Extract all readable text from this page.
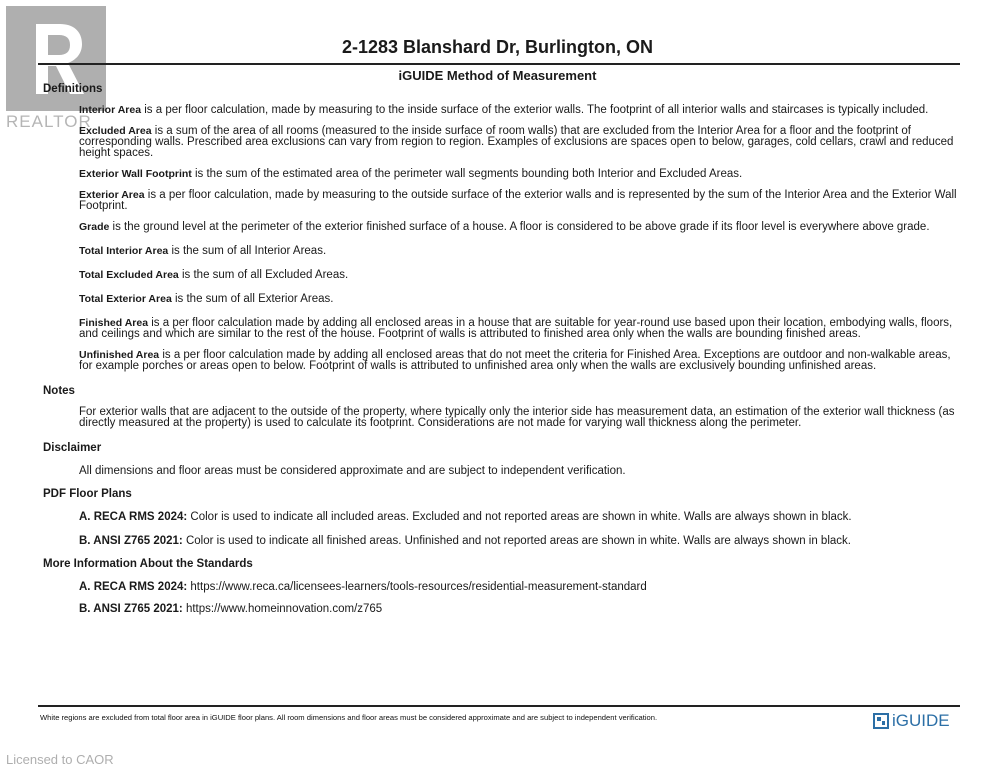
REALTOR
2-1283 Blanshard Dr, Burlington, ON
iGUIDE Method of Measurement
Definitions

Interior Area is a per floor calculation, made by measuring to the inside surface of the exterior walls. The footprint of all interior walls and staircases is typically included.

Excluded Area is a sum of the area of all rooms (measured to the inside surface of room walls) that are excluded from the Interior Area for a floor and the footprint of corresponding walls. Prescribed area exclusions can vary from region to region. Examples of exclusions are spaces open to below, garages, cold cellars, crawl and reduced height spaces.

Exterior Wall Footprint is the sum of the estimated area of the perimeter wall segments bounding both Interior and Excluded Areas.

Exterior Area is a per floor calculation, made by measuring to the outside surface of the exterior walls and is represented by the sum of the Interior Area and the Exterior Wall Footprint.

Grade is the ground level at the perimeter of the exterior finished surface of a house. A floor is considered to be above grade if its floor level is everywhere above grade.

Total Interior Area is the sum of all Interior Areas.

Total Excluded Area is the sum of all Excluded Areas.

Total Exterior Area is the sum of all Exterior Areas.

Finished Area is a per floor calculation made by adding all enclosed areas in a house that are suitable for year-round use based upon their location, embodying walls, floors, and ceilings and which are similar to the rest of the house. Footprint of walls is attributed to finished area only when the walls are bounding finished areas.

Unfinished Area is a per floor calculation made by adding all enclosed areas that do not meet the criteria for Finished Area. Exceptions are outdoor and non-walkable areas, for example porches or areas open to below. Footprint of walls is attributed to unfinished area only when the walls are exclusively bounding unfinished areas.

Notes

For exterior walls that are adjacent to the outside of the property, where typically only the interior side has measurement data, an estimation of the exterior wall thickness (as directly measured at the property) is used to calculate its footprint. Considerations are not made for varying wall thickness along the perimeter.

Disclaimer

All dimensions and floor areas must be considered approximate and are subject to independent verification.

PDF Floor Plans

A. RECA RMS 2024: Color is used to indicate all included areas. Excluded and not reported areas are shown in white. Walls are always shown in black.

B. ANSI Z765 2021: Color is used to indicate all finished areas. Unfinished and not reported areas are shown in white. Walls are always shown in black.

More Information About the Standards

A. RECA RMS 2024: https://www.reca.ca/licensees-learners/tools-resources/residential-measurement-standard

B. ANSI Z765 2021: https://www.homeinnovation.com/z765

White regions are excluded from total floor area in iGUIDE floor plans. All room dimensions and floor areas must be considered approximate and are subject to independent verification.	iGUIDE
Licensed to CAOR
